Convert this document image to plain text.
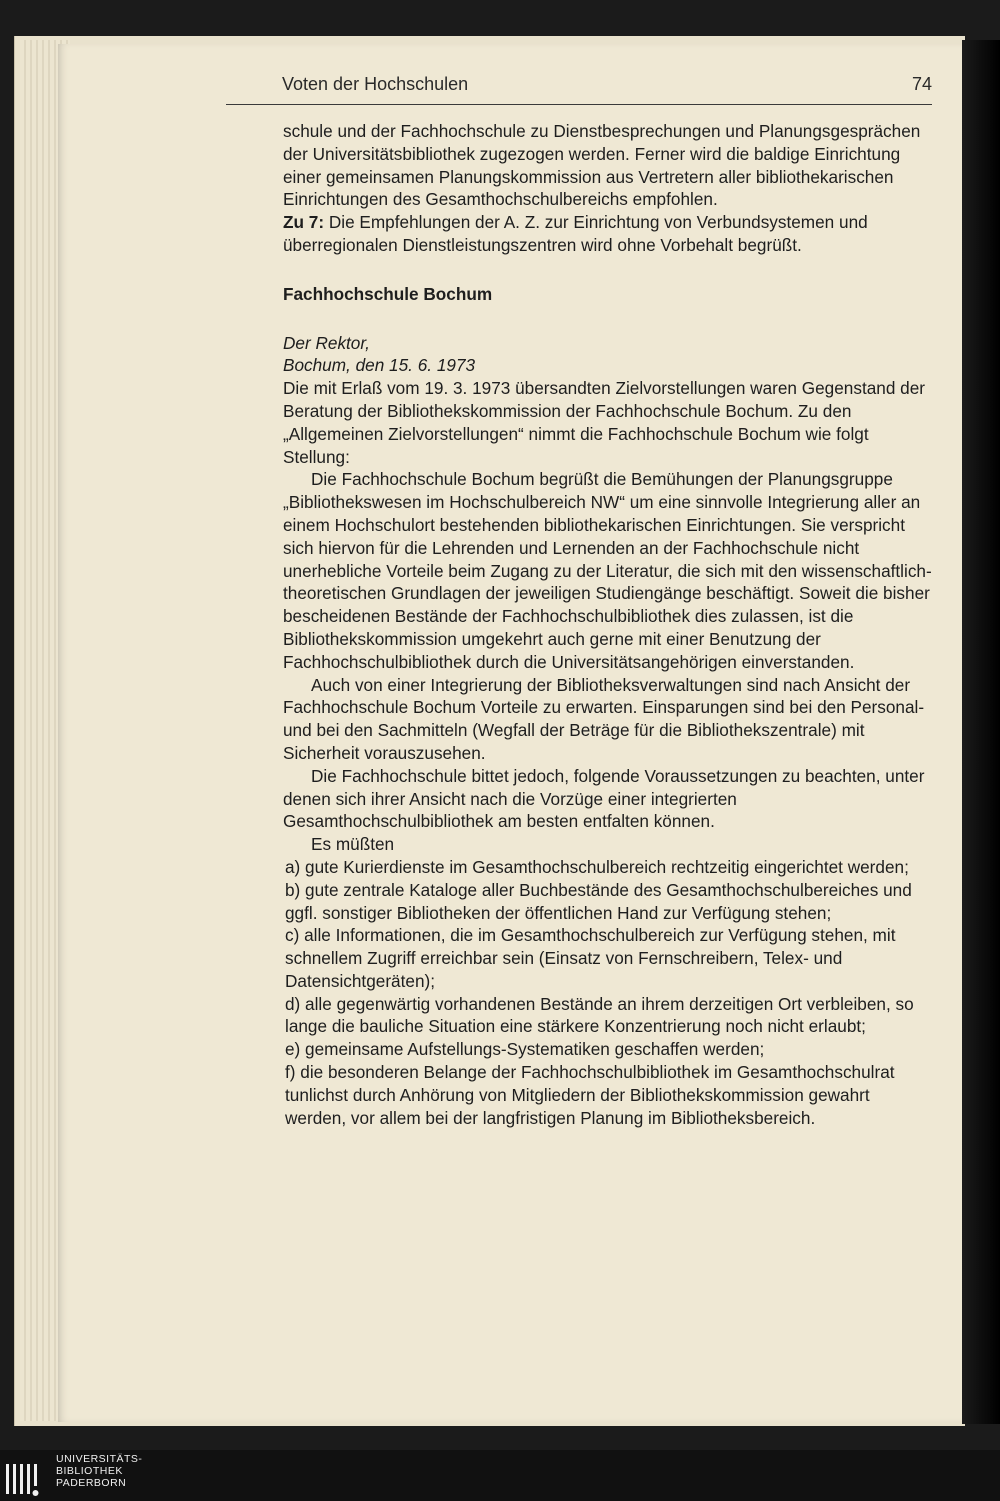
Voten der Hochschulen	74

schule und der Fachhochschule zu Dienstbesprechungen und Planungsgesprächen der Universitätsbibliothek zugezogen werden. Ferner wird die baldige Einrichtung einer gemeinsamen Planungskommission aus Vertretern aller bibliothekarischen Einrichtungen des Gesamthochschulbereichs empfohlen.

Zu 7: Die Empfehlungen der A. Z. zur Einrichtung von Verbundsystemen und überregionalen Dienstleistungszentren wird ohne Vorbehalt begrüßt.

Fachhochschule Bochum

Der Rektor,

Bochum, den 15. 6. 1973

Die mit Erlaß vom 19. 3. 1973 übersandten Zielvorstellungen waren Gegenstand der Beratung der Bibliothekskommission der Fachhochschule Bochum. Zu den „Allgemeinen Zielvorstellungen“ nimmt die Fachhochschule Bochum wie folgt Stellung:

Die Fachhochschule Bochum begrüßt die Bemühungen der Planungsgruppe „Bibliothekswesen im Hochschulbereich NW“ um eine sinnvolle Integrierung aller an einem Hochschulort bestehenden bibliothekarischen Einrichtungen. Sie verspricht sich hiervon für die Lehrenden und Lernenden an der Fachhochschule nicht unerhebliche Vorteile beim Zugang zu der Literatur, die sich mit den wissenschaftlich-theoretischen Grundlagen der jeweiligen Studiengänge beschäftigt. Soweit die bisher bescheidenen Bestände der Fachhochschulbibliothek dies zulassen, ist die Bibliothekskommission umgekehrt auch gerne mit einer Benutzung der Fachhochschulbibliothek durch die Universitätsangehörigen einverstanden.

Auch von einer Integrierung der Bibliotheksverwaltungen sind nach Ansicht der Fachhochschule Bochum Vorteile zu erwarten. Einsparungen sind bei den Personal- und bei den Sachmitteln (Wegfall der Beträge für die Bibliothekszentrale) mit Sicherheit vorauszusehen.

Die Fachhochschule bittet jedoch, folgende Voraussetzungen zu beachten, unter denen sich ihrer Ansicht nach die Vorzüge einer integrierten Gesamthochschulbibliothek am besten entfalten können.

Es müßten

a) gute Kurierdienste im Gesamthochschulbereich rechtzeitig eingerichtet werden;

b) gute zentrale Kataloge aller Buchbestände des Gesamthochschulbereiches und ggfl. sonstiger Bibliotheken der öffentlichen Hand zur Verfügung stehen;

c) alle Informationen, die im Gesamthochschulbereich zur Verfügung stehen, mit schnellem Zugriff erreichbar sein (Einsatz von Fernschreibern, Telex- und Datensichtgeräten);

d) alle gegenwärtig vorhandenen Bestände an ihrem derzeitigen Ort verbleiben, so lange die bauliche Situation eine stärkere Konzentrierung noch nicht erlaubt;

e) gemeinsame Aufstellungs-Systematiken geschaffen werden;

f) die besonderen Belange der Fachhochschulbibliothek im Gesamthochschulrat tunlichst durch Anhörung von Mitgliedern der Bibliothekskommission gewahrt werden, vor allem bei der langfristigen Planung im Bibliotheksbereich.

UNIVERSITÄTS-
BIBLIOTHEK
PADERBORN
